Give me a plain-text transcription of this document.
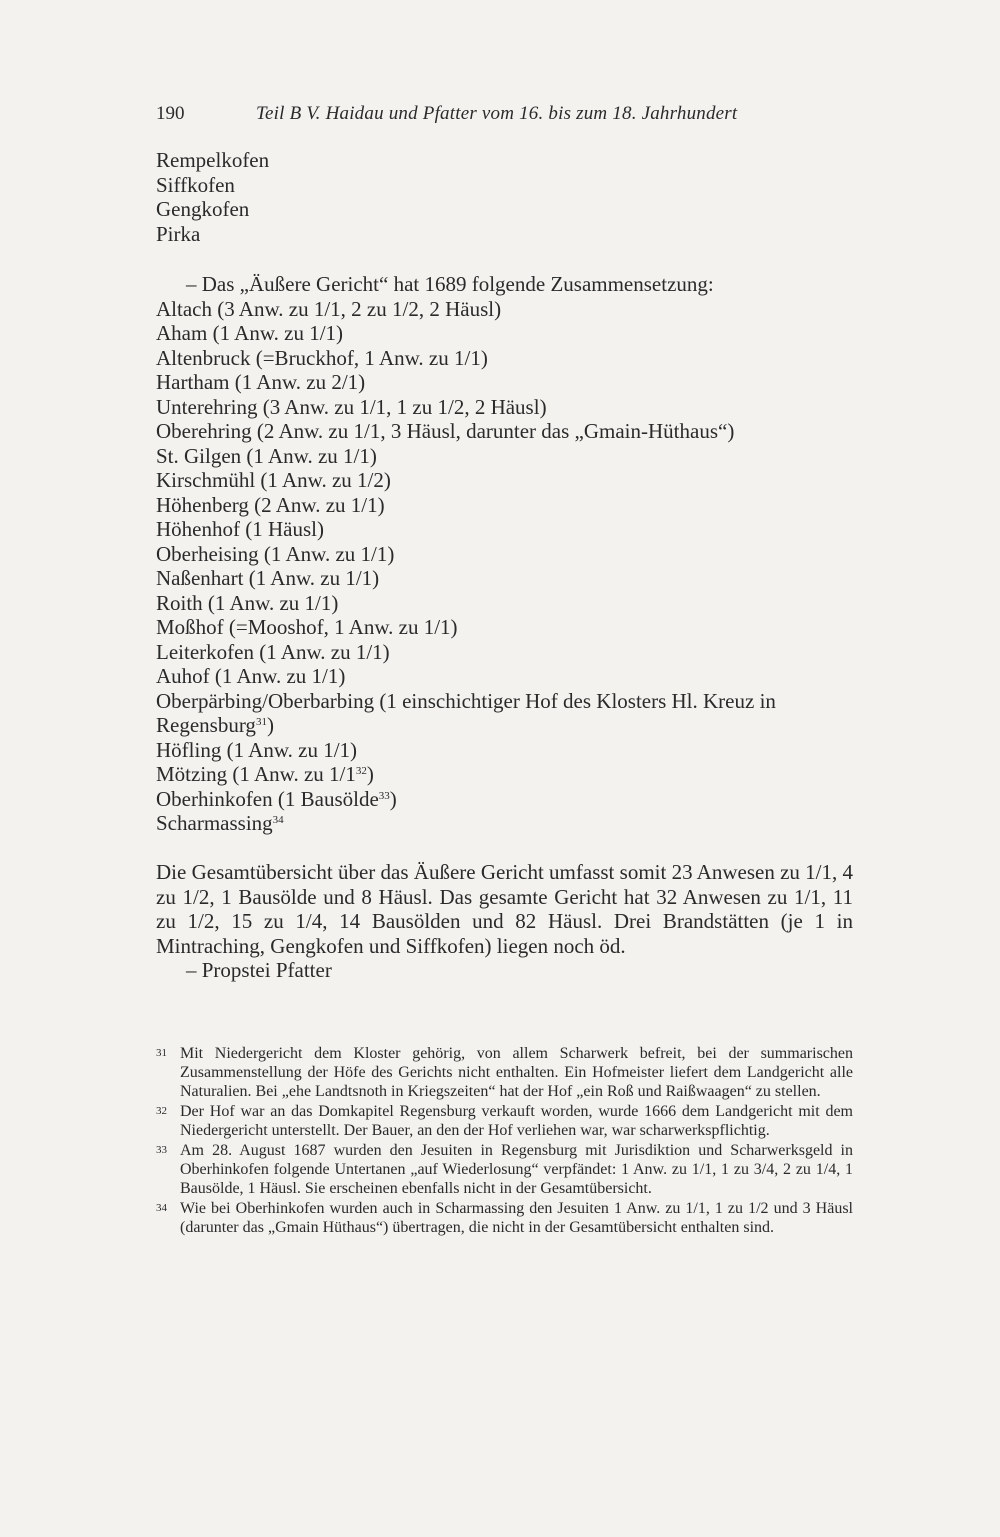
190	Teil B V. Haidau und Pfatter vom 16. bis zum 18. Jahrhundert
Rempelkofen
Siffkofen
Gengkofen
Pirka
– Das „Äußere Gericht“ hat 1689 folgende Zusammensetzung:
Altach (3 Anw. zu 1/1, 2 zu 1/2, 2 Häusl)
Aham (1 Anw. zu 1/1)
Altenbruck (=Bruckhof, 1 Anw. zu 1/1)
Hartham (1 Anw. zu 2/1)
Unterehring (3 Anw. zu 1/1, 1 zu 1/2, 2 Häusl)
Oberehring (2 Anw. zu 1/1, 3 Häusl, darunter das „Gmain-Hüthaus“)
St. Gilgen (1 Anw. zu 1/1)
Kirschmühl (1 Anw. zu 1/2)
Höhenberg (2 Anw. zu 1/1)
Höhenhof (1 Häusl)
Oberheising (1 Anw. zu 1/1)
Naßenhart (1 Anw. zu 1/1)
Roith (1 Anw. zu 1/1)
Moßhof (=Mooshof, 1 Anw. zu 1/1)
Leiterkofen (1 Anw. zu 1/1)
Auhof (1 Anw. zu 1/1)
Oberpärbing/Oberbarbing (1 einschichtiger Hof des Klosters Hl. Kreuz in
Regensburg$^{31}$)
Höfling (1 Anw. zu 1/1)
Mötzing (1 Anw. zu $1/1^{32}$)
Oberhinkofen (1 Bausölde$^{33}$)
Scharmassing$^{34}$
Die Gesamtübersicht über das Äußere Gericht umfasst somit 23 Anwesen zu 1/1, 4 zu 1/2, 1 Bausölde und 8 Häusl. Das gesamte Gericht hat 32 Anwesen zu 1/1, 11 zu 1/2, 15 zu 1/4, 14 Bausölden und 82 Häusl. Drei Brandstätten (je 1 in Mintraching, Gengkofen und Siffkofen) liegen noch öd.
– Propstei Pfatter
31 Mit Niedergericht dem Kloster gehörig, von allem Scharwerk befreit, bei der summarischen Zusammenstellung der Höfe des Gerichts nicht enthalten. Ein Hofmeister liefert dem Landgericht alle Naturalien. Bei „ehe Landtsnoth in Kriegszeiten“ hat der Hof „ein Roß und Raißwaagen“ zu stellen.
32 Der Hof war an das Domkapitel Regensburg verkauft worden, wurde 1666 dem Landgericht mit dem Niedergericht unterstellt. Der Bauer, an den der Hof verliehen war, war scharwerkspflichtig.
33 Am 28. August 1687 wurden den Jesuiten in Regensburg mit Jurisdiktion und Scharwerksgeld in Oberhinkofen folgende Untertanen „auf Wiederlosung“ verpfändet: 1 Anw. zu 1/1, 1 zu 3/4, 2 zu 1/4, 1 Bausölde, 1 Häusl. Sie erscheinen ebenfalls nicht in der Gesamtübersicht.
34 Wie bei Oberhinkofen wurden auch in Scharmassing den Jesuiten 1 Anw. zu 1/1, 1 zu 1/2 und 3 Häusl (darunter das „Gmain Hüthaus“) übertragen, die nicht in der Gesamtübersicht enthalten sind.
